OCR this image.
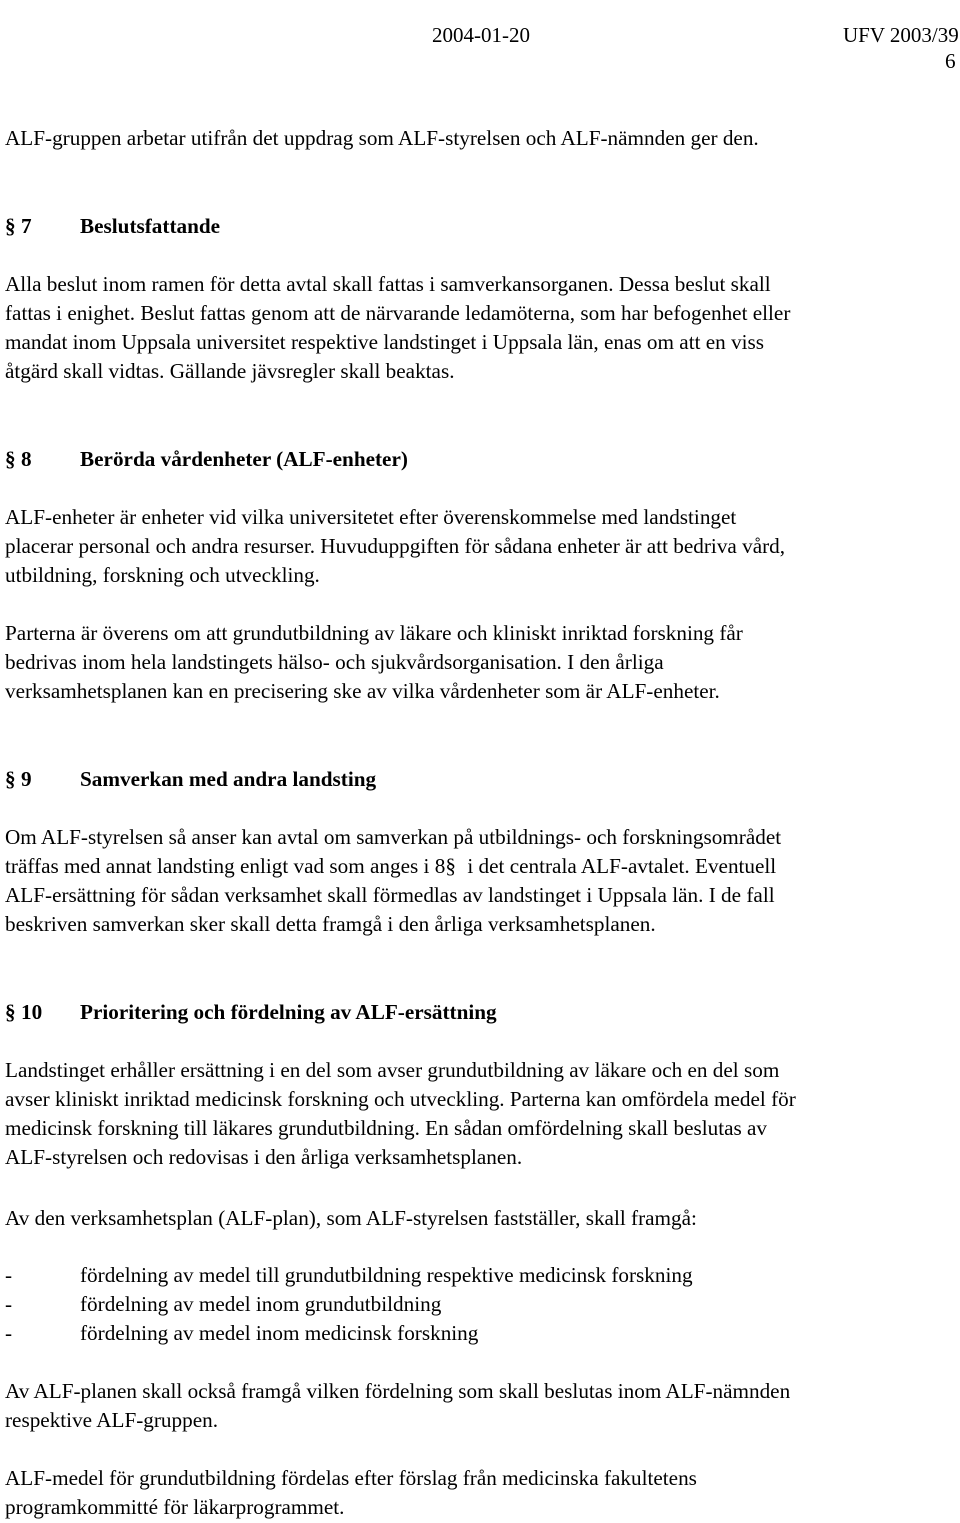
2004-01-20	UFV 2003/39
6
ALF-gruppen arbetar utifrån det uppdrag som ALF-styrelsen och ALF-nämnden ger den.
§ 7 Beslutsfattande
Alla beslut inom ramen för detta avtal skall fattas i samverkansorganen. Dessa beslut skall
fattas i enighet. Beslut fattas genom att de närvarande ledamöterna, som har befogenhet eller
mandat inom Uppsala universitet respektive landstinget i Uppsala län, enas om att en viss
åtgärd skall vidtas. Gällande jävsregler skall beaktas.
§ 8 Berörda vårdenheter (ALF-enheter)
ALF-enheter är enheter vid vilka universitetet efter överenskommelse med landstinget
placerar personal och andra resurser. Huvuduppgiften för sådana enheter är att bedriva vård,
utbildning, forskning och utveckling.
Parterna är överens om att grundutbildning av läkare och kliniskt inriktad forskning får
bedrivas inom hela landstingets hälso- och sjukvårdsorganisation. I den årliga
verksamhetsplanen kan en precisering ske av vilka vårdenheter som är ALF-enheter.
§ 9 Samverkan med andra landsting
Om ALF-styrelsen så anser kan avtal om samverkan på utbildnings- och forskningsområdet
träffas med annat landsting enligt vad som anges i 8§ i det centrala ALF-avtalet. Eventuell
ALF-ersättning för sådan verksamhet skall förmedlas av landstinget i Uppsala län. I de fall
beskriven samverkan sker skall detta framgå i den årliga verksamhetsplanen.
§ 10 Prioritering och fördelning av ALF-ersättning
Landstinget erhåller ersättning i en del som avser grundutbildning av läkare och en del som
avser kliniskt inriktad medicinsk forskning och utveckling. Parterna kan omfördela medel för
medicinsk forskning till läkares grundutbildning. En sådan omfördelning skall beslutas av
ALF-styrelsen och redovisas i den årliga verksamhetsplanen.
Av den verksamhetsplan (ALF-plan), som ALF-styrelsen fastställer, skall framgå:
-	fördelning av medel till grundutbildning respektive medicinsk forskning
-	fördelning av medel inom grundutbildning
-	fördelning av medel inom medicinsk forskning
Av ALF-planen skall också framgå vilken fördelning som skall beslutas inom ALF-nämnden
respektive ALF-gruppen.
ALF-medel för grundutbildning fördelas efter förslag från medicinska fakultetens
programkommitté för läkarprogrammet.
